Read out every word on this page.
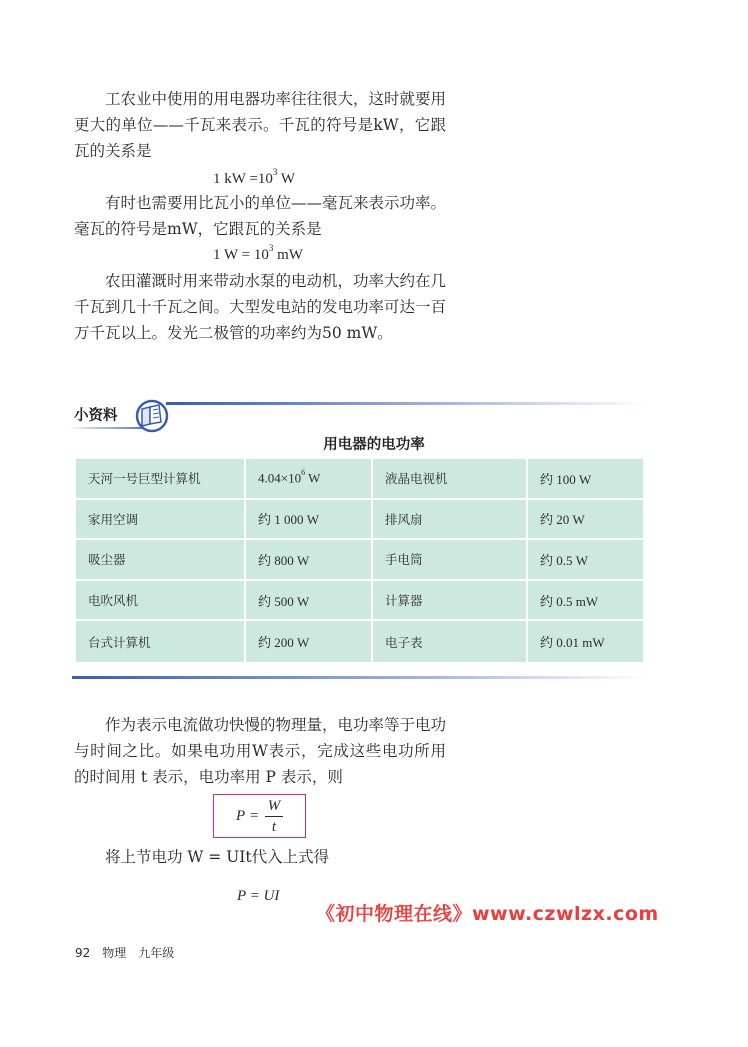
工农业中使用的用电器功率往往很大，这时就要用更大的单位——千瓦来表示。千瓦的符号是kW，它跟瓦的关系是

1 kW $=10^3$ W

有时也需要用比瓦小的单位——毫瓦来表示功率。毫瓦的符号是mW，它跟瓦的关系是

1 $W = 10^3$ mW

农田灌溉时用来带动水泵的电动机，功率大约在几千瓦到几十千瓦之间。大型发电站的发电功率可达一百万千瓦以上。发光二极管的功率约为50 mW。

小资料
用电器的电功率
天河一号巨型计算机	$4.04\times 10^6$ W	液晶电视机	约 100 W
家用空调	约 1 000 W	排风扇	约 20 W
吸尘器	约 800 W	手电筒	约 0.5 W
电吹风机	约 500 W	计算器	约 0.5 mW
台式计算机	约 200 W	电子表	约 0.01 mW

作为表示电流做功快慢的物理量，电功率等于电功与时间之比。如果电功用W表示，完成这些电功所用的时间用 t 表示，电功率用 P 表示，则

P =
W
t

将上节电功 W = UIt代入上式得

P = UI
《初中物理在线》www.czwlzx.com
92 物理 九年级
